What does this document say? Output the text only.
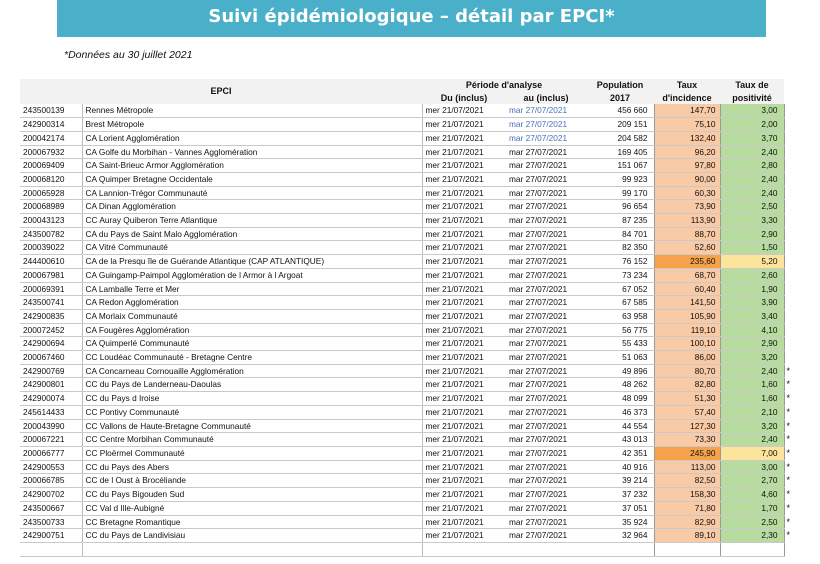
Suivi épidémiologique – détail par EPCI*
*Données au 30 juillet 2021
EPCI		Période d'analyse		Population	Taux	Taux de	
		Du (inclus)	au (inclus)	2017	d'incidence	positivité	
243500139	Rennes Métropole	mer 21/07/2021	mar 27/07/2021	456 660	147,70	3,00	
242900314	Brest Métropole	mer 21/07/2021	mar 27/07/2021	209 151	75,10	2,00	
200042174	CA Lorient Agglomération	mer 21/07/2021	mar 27/07/2021	204 582	132,40	3,70	
200067932	CA Golfe du Morbihan - Vannes Agglomération	mer 21/07/2021	mar 27/07/2021	169 405	96,20	2,40	
200069409	CA Saint-Brieuc Armor Agglomération	mer 21/07/2021	mar 27/07/2021	151 067	97,80	2,80	
200068120	CA Quimper Bretagne Occidentale	mer 21/07/2021	mar 27/07/2021	99 923	90,00	2,40	
200065928	CA Lannion-Trégor Communauté	mer 21/07/2021	mar 27/07/2021	99 170	60,30	2,40	
200068989	CA Dinan Agglomération	mer 21/07/2021	mar 27/07/2021	96 654	73,90	2,50	
200043123	CC Auray Quiberon Terre Atlantique	mer 21/07/2021	mar 27/07/2021	87 235	113,90	3,30	
243500782	CA du Pays de Saint Malo Agglomération	mer 21/07/2021	mar 27/07/2021	84 701	88,70	2,90	
200039022	CA Vitré Communauté	mer 21/07/2021	mar 27/07/2021	82 350	52,60	1,50	
244400610	CA de la Presqu île de Guérande Atlantique (CAP ATLANTIQUE)	mer 21/07/2021	mar 27/07/2021	76 152	235,60	5,20	
200067981	CA Guingamp-Paimpol Agglomération de l Armor à l Argoat	mer 21/07/2021	mar 27/07/2021	73 234	68,70	2,60	
200069391	CA Lamballe Terre et Mer	mer 21/07/2021	mar 27/07/2021	67 052	60,40	1,90	
243500741	CA Redon Agglomération	mer 21/07/2021	mar 27/07/2021	67 585	141,50	3,90	
242900835	CA Morlaix Communauté	mer 21/07/2021	mar 27/07/2021	63 958	105,90	3,40	
200072452	CA Fougères Agglomération	mer 21/07/2021	mar 27/07/2021	56 775	119,10	4,10	
242900694	CA Quimperlé Communauté	mer 21/07/2021	mar 27/07/2021	55 433	100,10	2,90	
200067460	CC Loudéac Communauté - Bretagne Centre	mer 21/07/2021	mar 27/07/2021	51 063	86,00	3,20	
242900769	CA Concarneau Cornouaille Agglomération	mer 21/07/2021	mar 27/07/2021	49 896	80,70	2,40	*
242900801	CC du Pays de Landerneau-Daoulas	mer 21/07/2021	mar 27/07/2021	48 262	82,80	1,60	*
242900074	CC du Pays d Iroise	mer 21/07/2021	mar 27/07/2021	48 099	51,30	1,60	*
245614433	CC Pontivy Communauté	mer 21/07/2021	mar 27/07/2021	46 373	57,40	2,10	*
200043990	CC Vallons de Haute-Bretagne Communauté	mer 21/07/2021	mar 27/07/2021	44 554	127,30	3,20	*
200067221	CC Centre Morbihan Communauté	mer 21/07/2021	mar 27/07/2021	43 013	73,30	2,40	*
200066777	CC Ploërmel Communauté	mer 21/07/2021	mar 27/07/2021	42 351	245,90	7,00	*
242900553	CC du Pays des Abers	mer 21/07/2021	mar 27/07/2021	40 916	113,00	3,00	*
200066785	CC de l Oust à Brocéliande	mer 21/07/2021	mar 27/07/2021	39 214	82,50	2,70	*
242900702	CC du Pays Bigouden Sud	mer 21/07/2021	mar 27/07/2021	37 232	158,30	4,60	*
243500667	CC Val d Ille-Aubigné	mer 21/07/2021	mar 27/07/2021	37 051	71,80	1,70	*
243500733	CC Bretagne Romantique	mer 21/07/2021	mar 27/07/2021	35 924	82,90	2,50	*
242900751	CC du Pays de Landivisiau	mer 21/07/2021	mar 27/07/2021	32 964	89,10	2,30	*
